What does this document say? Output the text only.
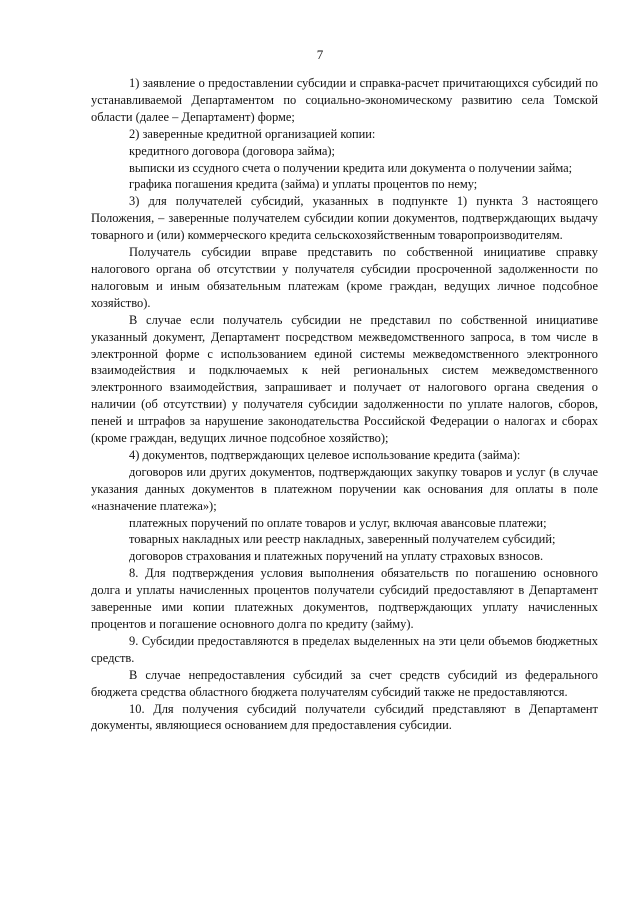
7

1) заявление о предоставлении субсидии и справка-расчет причитающихся субсидий по устанавливаемой Департаментом по социально-экономическому развитию села Томской области (далее – Департамент) форме;

2) заверенные кредитной организацией копии:

кредитного договора (договора займа);

выписки из ссудного счета о получении кредита или документа о получении займа;

графика погашения кредита (займа) и уплаты процентов по нему;

3) для получателей субсидий, указанных в подпункте 1) пункта 3 настоящего Положения, – заверенные получателем субсидии копии документов, подтверждающих выдачу товарного и (или) коммерческого кредита сельскохозяйственным товаропроизводителям.

Получатель субсидии вправе представить по собственной инициативе справку налогового органа об отсутствии у получателя субсидии просроченной задолженности по налоговым и иным обязательным платежам (кроме граждан, ведущих личное подсобное хозяйство).

В случае если получатель субсидии не представил по собственной инициативе указанный документ, Департамент посредством межведомственного запроса, в том числе в электронной форме с использованием единой системы межведомственного электронного взаимодействия и подключаемых к ней региональных систем межведомственного электронного взаимодействия, запрашивает и получает от налогового органа сведения о наличии (об отсутствии) у получателя субсидии задолженности по уплате налогов, сборов, пеней и штрафов за нарушение законодательства Российской Федерации о налогах и сборах (кроме граждан, ведущих личное подсобное хозяйство);

4) документов, подтверждающих целевое использование кредита (займа):

договоров или других документов, подтверждающих закупку товаров и услуг (в случае указания данных документов в платежном поручении как основания для оплаты в поле «назначение платежа»);

платежных поручений по оплате товаров и услуг, включая авансовые платежи;

товарных накладных или реестр накладных, заверенный получателем субсидий;

договоров страхования и платежных поручений на уплату страховых взносов.

8. Для подтверждения условия выполнения обязательств по погашению основного долга и уплаты начисленных процентов получатели субсидий предоставляют в Департамент заверенные ими копии платежных документов, подтверждающих уплату начисленных процентов и погашение основного долга по кредиту (займу).

9. Субсидии предоставляются в пределах выделенных на эти цели объемов бюджетных средств.

В случае непредоставления субсидий за счет средств субсидий из федерального бюджета средства областного бюджета получателям субсидий также не предоставляются.

10. Для получения субсидий получатели субсидий представляют в Департамент документы, являющиеся основанием для предоставления субсидии.
